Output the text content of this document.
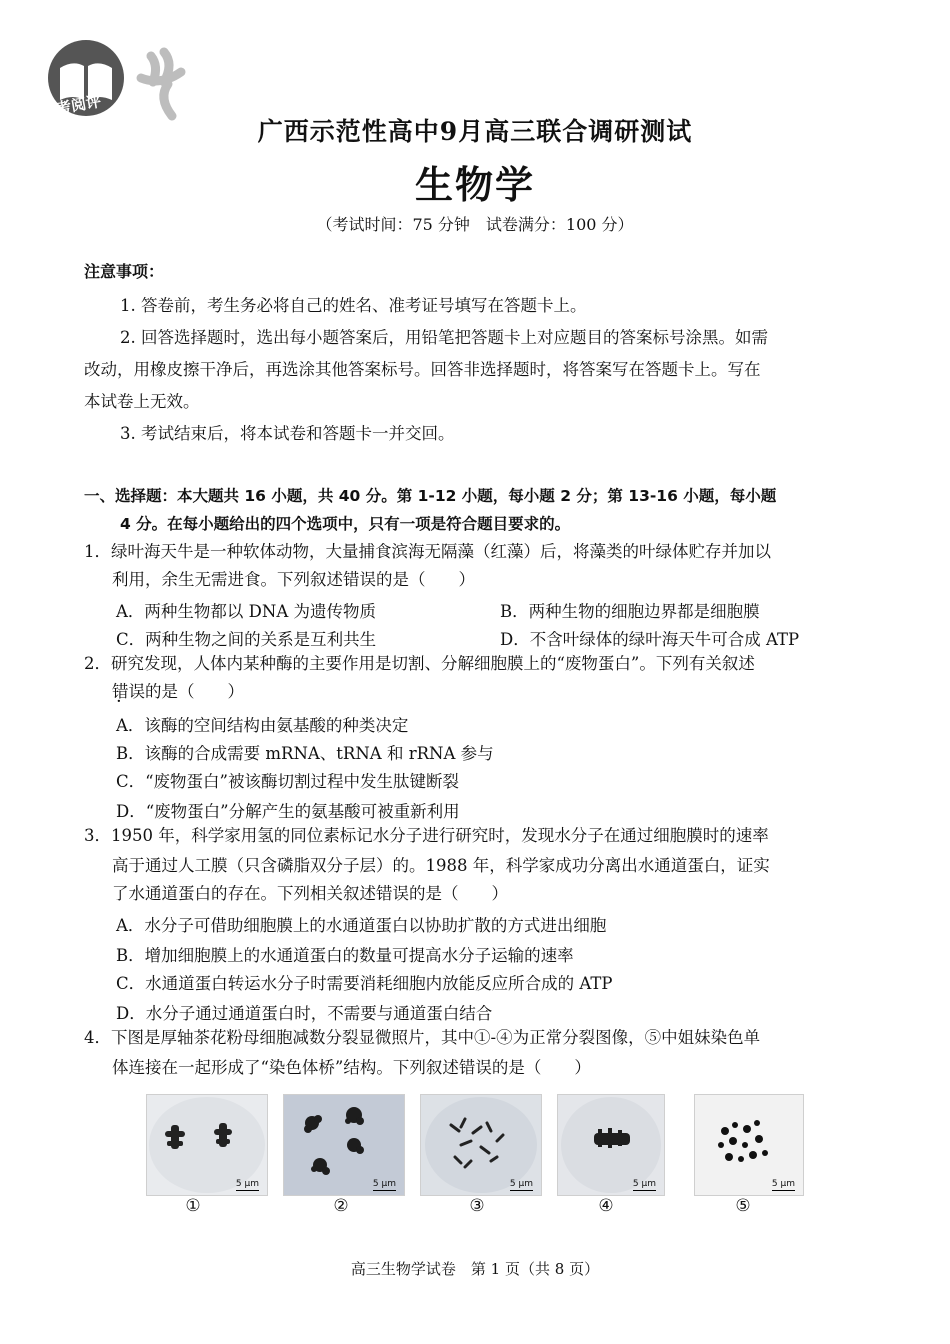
考阅评
广西示范性高中9月高三联合调研测试
生物学
（考试时间：75 分钟　试卷满分：100 分）
注意事项：
1. 答卷前，考生务必将自己的姓名、准考证号填写在答题卡上。
2. 回答选择题时，选出每小题答案后，用铅笔把答题卡上对应题目的答案标号涂黑。如需
改动，用橡皮擦干净后，再选涂其他答案标号。回答非选择题时，将答案写在答题卡上。写在
本试卷上无效。
3. 考试结束后，将本试卷和答题卡一并交回。
一、选择题：本大题共 16 小题，共 40 分。第 1-12 小题，每小题 2 分；第 13-16 小题，每小题
4 分。在每小题给出的四个选项中，只有一项是符合题目要求的。
1．绿叶海天牛是一种软体动物，大量捕食滨海无隔藻（红藻）后，将藻类的叶绿体贮存并加以
利用，余生无需进食。下列叙述错误的是（　　）
A．两种生物都以 DNA 为遗传物质	B．两种生物的细胞边界都是细胞膜
C．两种生物之间的关系是互利共生	D．不含叶绿体的绿叶海天牛可合成 ATP
2．研究发现，人体内某种酶的主要作用是切割、分解细胞膜上的“废物蛋白”。下列有关叙述
错误的是（　　）
A．该酶的空间结构由氨基酸的种类决定
B．该酶的合成需要 mRNA、tRNA 和 rRNA 参与
C．“废物蛋白”被该酶切割过程中发生肽键断裂
D．“废物蛋白”分解产生的氨基酸可被重新利用
3．1950 年，科学家用氢的同位素标记水分子进行研究时，发现水分子在通过细胞膜时的速率
高于通过人工膜（只含磷脂双分子层）的。1988 年，科学家成功分离出水通道蛋白，证实
了水通道蛋白的存在。下列相关叙述错误的是（　　）
A．水分子可借助细胞膜上的水通道蛋白以协助扩散的方式进出细胞
B．增加细胞膜上的水通道蛋白的数量可提高水分子运输的速率
C．水通道蛋白转运水分子时需要消耗细胞内放能反应所合成的 ATP
D．水分子通过通道蛋白时，不需要与通道蛋白结合
4．下图是厚轴茶花粉母细胞减数分裂显微照片，其中①-④为正常分裂图像，⑤中姐妹染色单
体连接在一起形成了“染色体桥”结构。下列叙述错误的是（　　）
5 μm	5 μm	5 μm	5 μm	5 μm
①	②	③	④	⑤
高三生物学试卷　第 1 页（共 8 页）
